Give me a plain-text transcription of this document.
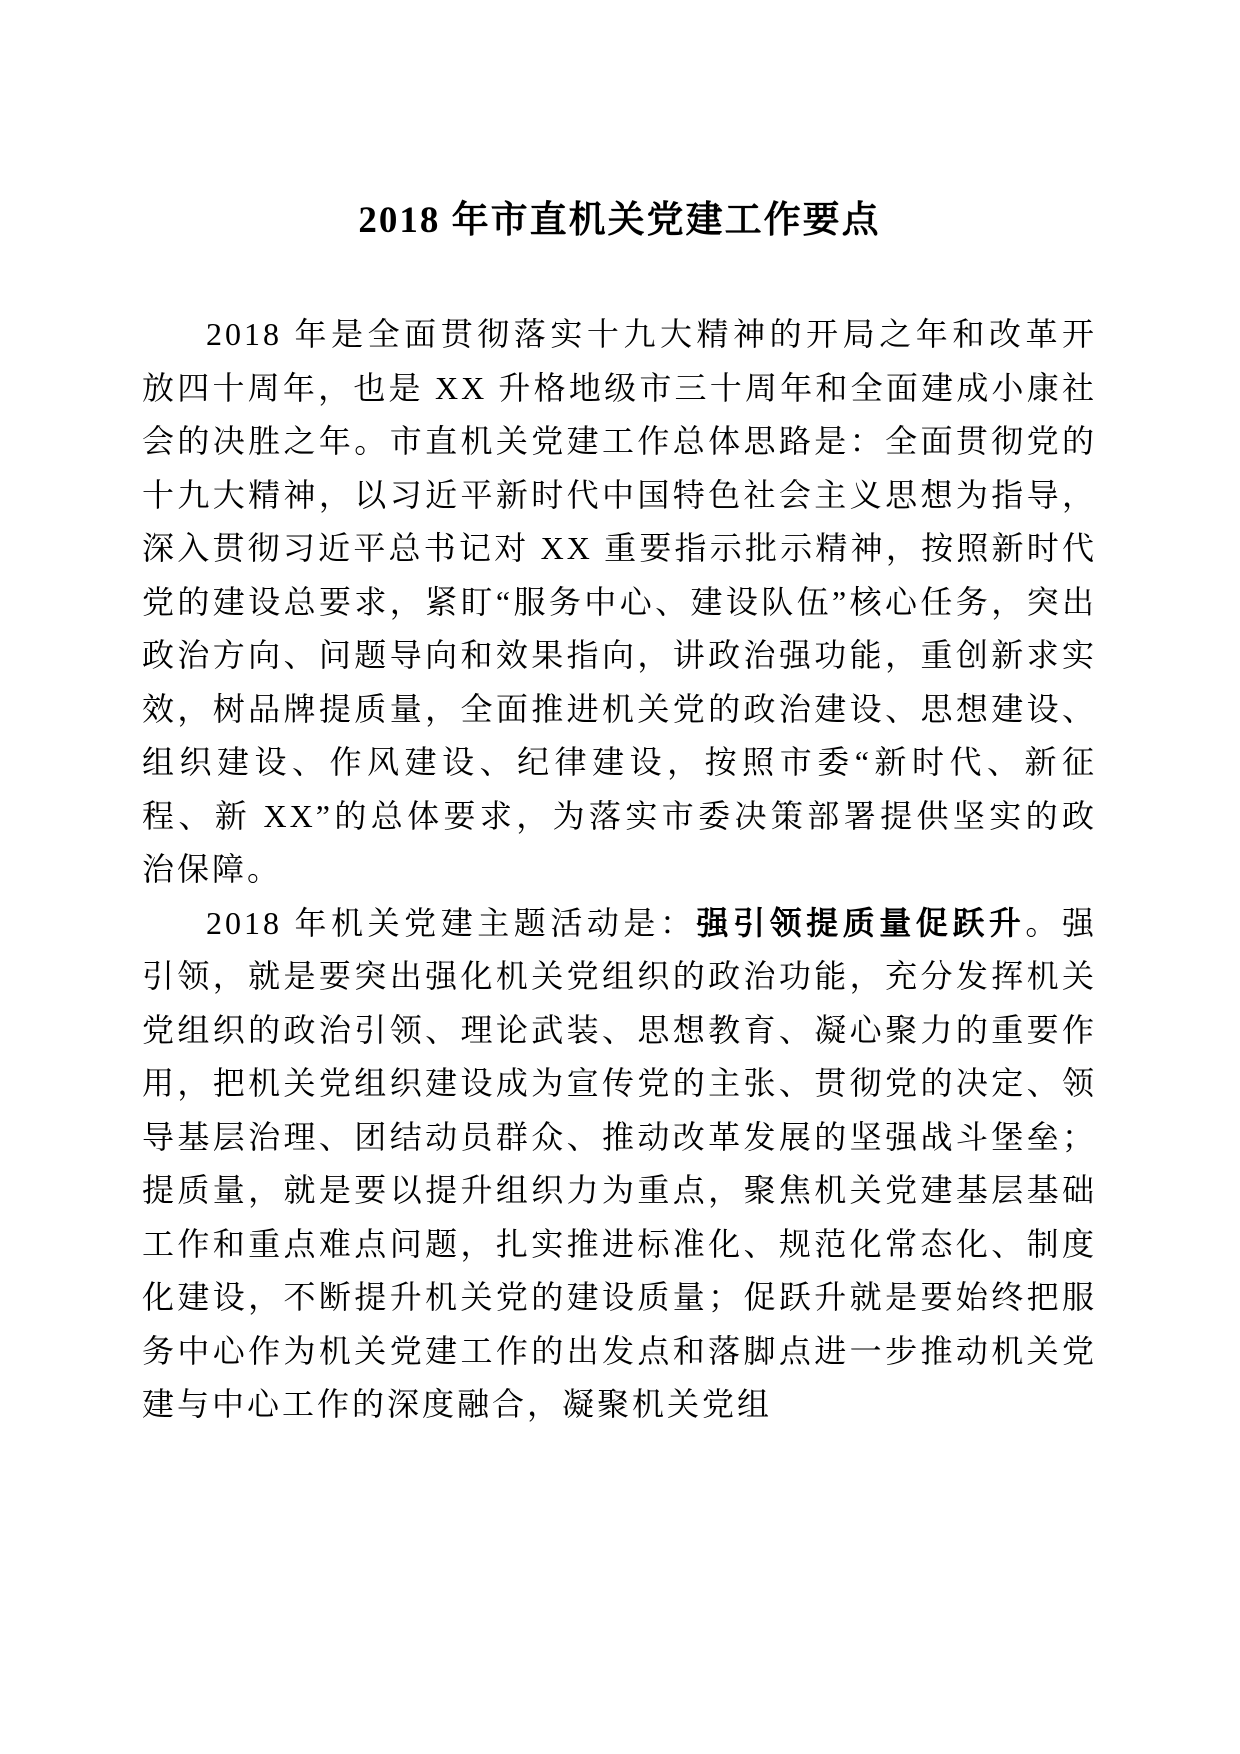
2018 年市直机关党建工作要点

2018 年是全面贯彻落实十九大精神的开局之年和改革开放四十周年，也是 XX 升格地级市三十周年和全面建成小康社会的决胜之年。市直机关党建工作总体思路是：全面贯彻党的十九大精神，以习近平新时代中国特色社会主义思想为指导，深入贯彻习近平总书记对 XX 重要指示批示精神，按照新时代党的建设总要求，紧盯“服务中心、建设队伍”核心任务，突出政治方向、问题导向和效果指向，讲政治强功能，重创新求实效，树品牌提质量，全面推进机关党的政治建设、思想建设、组织建设、作风建设、纪律建设，按照市委“新时代、新征程、新 XX”的总体要求，为落实市委决策部署提供坚实的政治保障。

2018 年机关党建主题活动是：强引领提质量促跃升。强引领，就是要突出强化机关党组织的政治功能，充分发挥机关党组织的政治引领、理论武装、思想教育、凝心聚力的重要作用，把机关党组织建设成为宣传党的主张、贯彻党的决定、领导基层治理、团结动员群众、推动改革发展的坚强战斗堡垒；提质量，就是要以提升组织力为重点，聚焦机关党建基层基础工作和重点难点问题，扎实推进标准化、规范化常态化、制度化建设，不断提升机关党的建设质量；促跃升就是要始终把服务中心作为机关党建工作的出发点和落脚点进一步推动机关党建与中心工作的深度融合，凝聚机关党组
